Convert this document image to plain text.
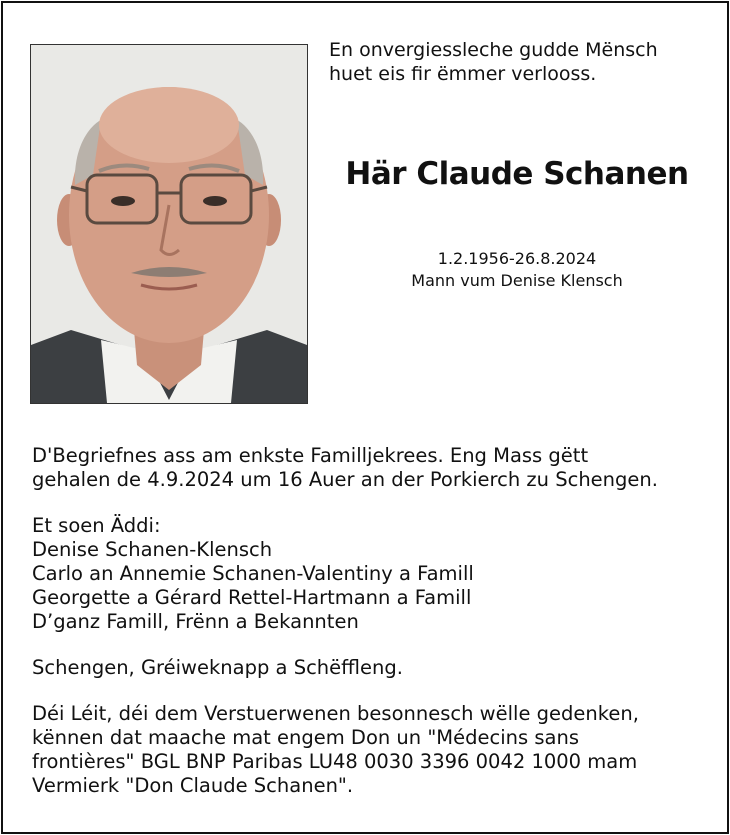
En onvergiessleche gudde Mënsch
huet eis fir ëmmer verlooss.
Här Claude Schanen
1.2.1956-26.8.2024
Mann vum Denise Klensch

D'Begriefnes ass am enkste Familljekrees. Eng Mass gëtt

gehalen de 4.9.2024 um 16 Auer an der Porkierch zu Schengen.

Et soen Äddi:

Denise Schanen-Klensch

Carlo an Annemie Schanen-Valentiny a Famill

Georgette a Gérard Rettel-Hartmann a Famill

D’ganz Famill, Frënn a Bekannten

Schengen, Gréiweknapp a Schëffleng.

Déi Léit, déi dem Verstuerwenen besonnesch wëlle gedenken,

kënnen dat maache mat engem Don un "Médecins sans

frontières" BGL BNP Paribas LU48 0030 3396 0042 1000 mam

Vermierk "Don Claude Schanen".
